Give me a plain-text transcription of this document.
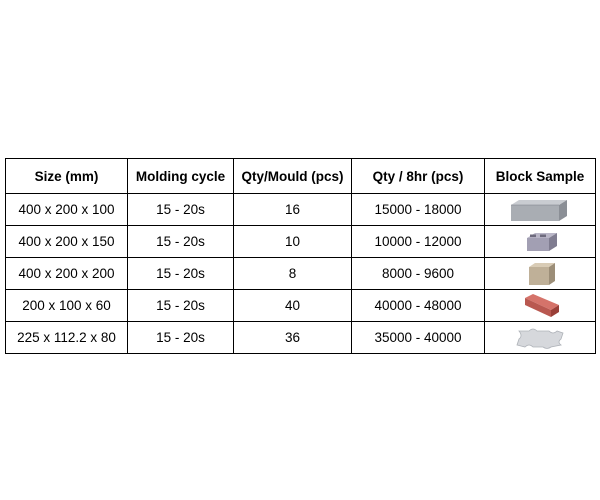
Size (mm)	Molding cycle	Qty/Mould (pcs)	Qty / 8hr (pcs)	Block Sample
400 x 200 x 100	15 - 20s	16	15000 - 18000	

400 x 200 x 150	15 - 20s	10	10000 - 12000	

400 x 200 x 200	15 - 20s	8	8000 - 9600	

200 x 100 x 60	15 - 20s	40	40000 - 48000	

225 x 112.2 x 80	15 - 20s	36	35000 - 40000	
